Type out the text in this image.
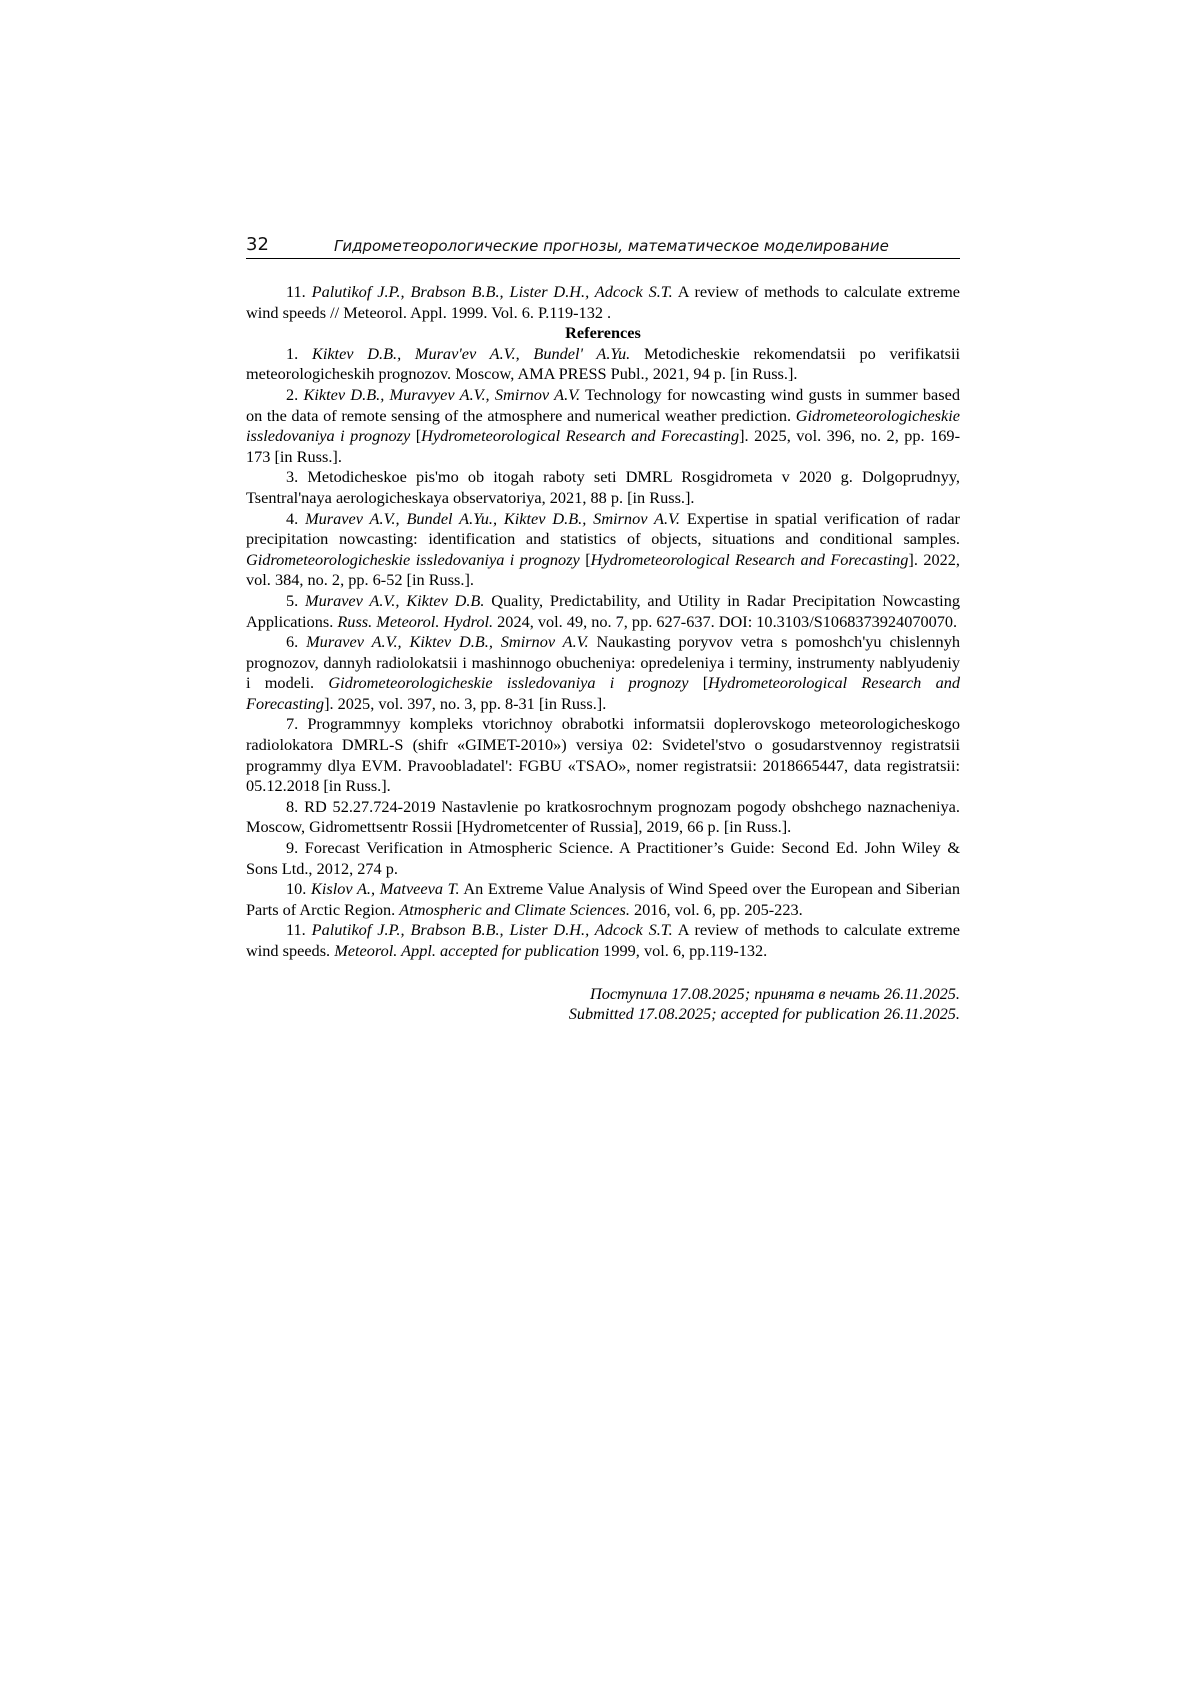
32	Гидрометеорологические прогнозы, математическое моделирование

11. Palutikof J.P., Brabson B.B., Lister D.H., Adcock S.T. A review of methods to calculate extreme wind speeds // Meteorol. Appl. 1999. Vol. 6. P.119-132 .

References

1. Kiktev D.B., Murav'ev A.V., Bundel' A.Yu. Metodicheskie rekomendatsii po verifikatsii meteorologicheskih prognozov. Moscow, AMA PRESS Publ., 2021, 94 p. [in Russ.].

2. Kiktev D.B., Muravyev A.V., Smirnov A.V. Technology for nowcasting wind gusts in summer based on the data of remote sensing of the atmosphere and numerical weather prediction. Gidrometeorologicheskie issledovaniya i prognozy [Hydrometeorological Research and Forecasting]. 2025, vol. 396, no. 2, pp. 169-173 [in Russ.].

3. Metodicheskoe pis'mo ob itogah raboty seti DMRL Rosgidrometa v 2020 g. Dolgoprudnyy, Tsentral'naya aerologicheskaya observatoriya, 2021, 88 p. [in Russ.].

4. Muravev A.V., Bundel A.Yu., Kiktev D.B., Smirnov A.V. Expertise in spatial verification of radar precipitation nowcasting: identification and statistics of objects, situations and conditional samples. Gidrometeorologicheskie issledovaniya i prognozy [Hydrometeorological Research and Forecasting]. 2022, vol. 384, no. 2, pp. 6-52 [in Russ.].

5. Muravev A.V., Kiktev D.B. Quality, Predictability, and Utility in Radar Precipitation Nowcasting Applications. Russ. Meteorol. Hydrol. 2024, vol. 49, no. 7, pp. 627-637. DOI: 10.3103/S1068373924070070.

6. Muravev A.V., Kiktev D.B., Smirnov A.V. Naukasting poryvov vetra s pomoshch'yu chislennyh prognozov, dannyh radiolokatsii i mashinnogo obucheniya: opredeleniya i terminy, instrumenty nablyudeniy i modeli. Gidrometeorologicheskie issledovaniya i prognozy [Hydrometeorological Research and Forecasting]. 2025, vol. 397, no. 3, pp. 8-31 [in Russ.].

7. Programmnyy kompleks vtorichnoy obrabotki informatsii doplerovskogo meteorologicheskogo radiolokatora DMRL-S (shifr «GIMET-2010») versiya 02: Svidetel'stvo o gosudarstvennoy registratsii programmy dlya EVM. Pravoobladatel': FGBU «TSAO», nomer registratsii: 2018665447, data registratsii: 05.12.2018 [in Russ.].

8. RD 52.27.724-2019 Nastavlenie po kratkosrochnym prognozam pogody obshchego naznacheniya. Moscow, Gidromettsentr Rossii [Hydrometcenter of Russia], 2019, 66 p. [in Russ.].

9. Forecast Verification in Atmospheric Science. A Practitioner’s Guide: Second Ed. John Wiley & Sons Ltd., 2012, 274 p.

10. Kislov A., Matveeva T. An Extreme Value Analysis of Wind Speed over the European and Siberian Parts of Arctic Region. Atmospheric and Climate Sciences. 2016, vol. 6, pp. 205-223.

11. Palutikof J.P., Brabson B.B., Lister D.H., Adcock S.T. A review of methods to calculate extreme wind speeds. Meteorol. Appl. accepted for publication 1999, vol. 6, pp.119-132.

Поступила 17.08.2025; принята в печать 26.11.2025.
Submitted 17.08.2025; accepted for publication 26.11.2025.
